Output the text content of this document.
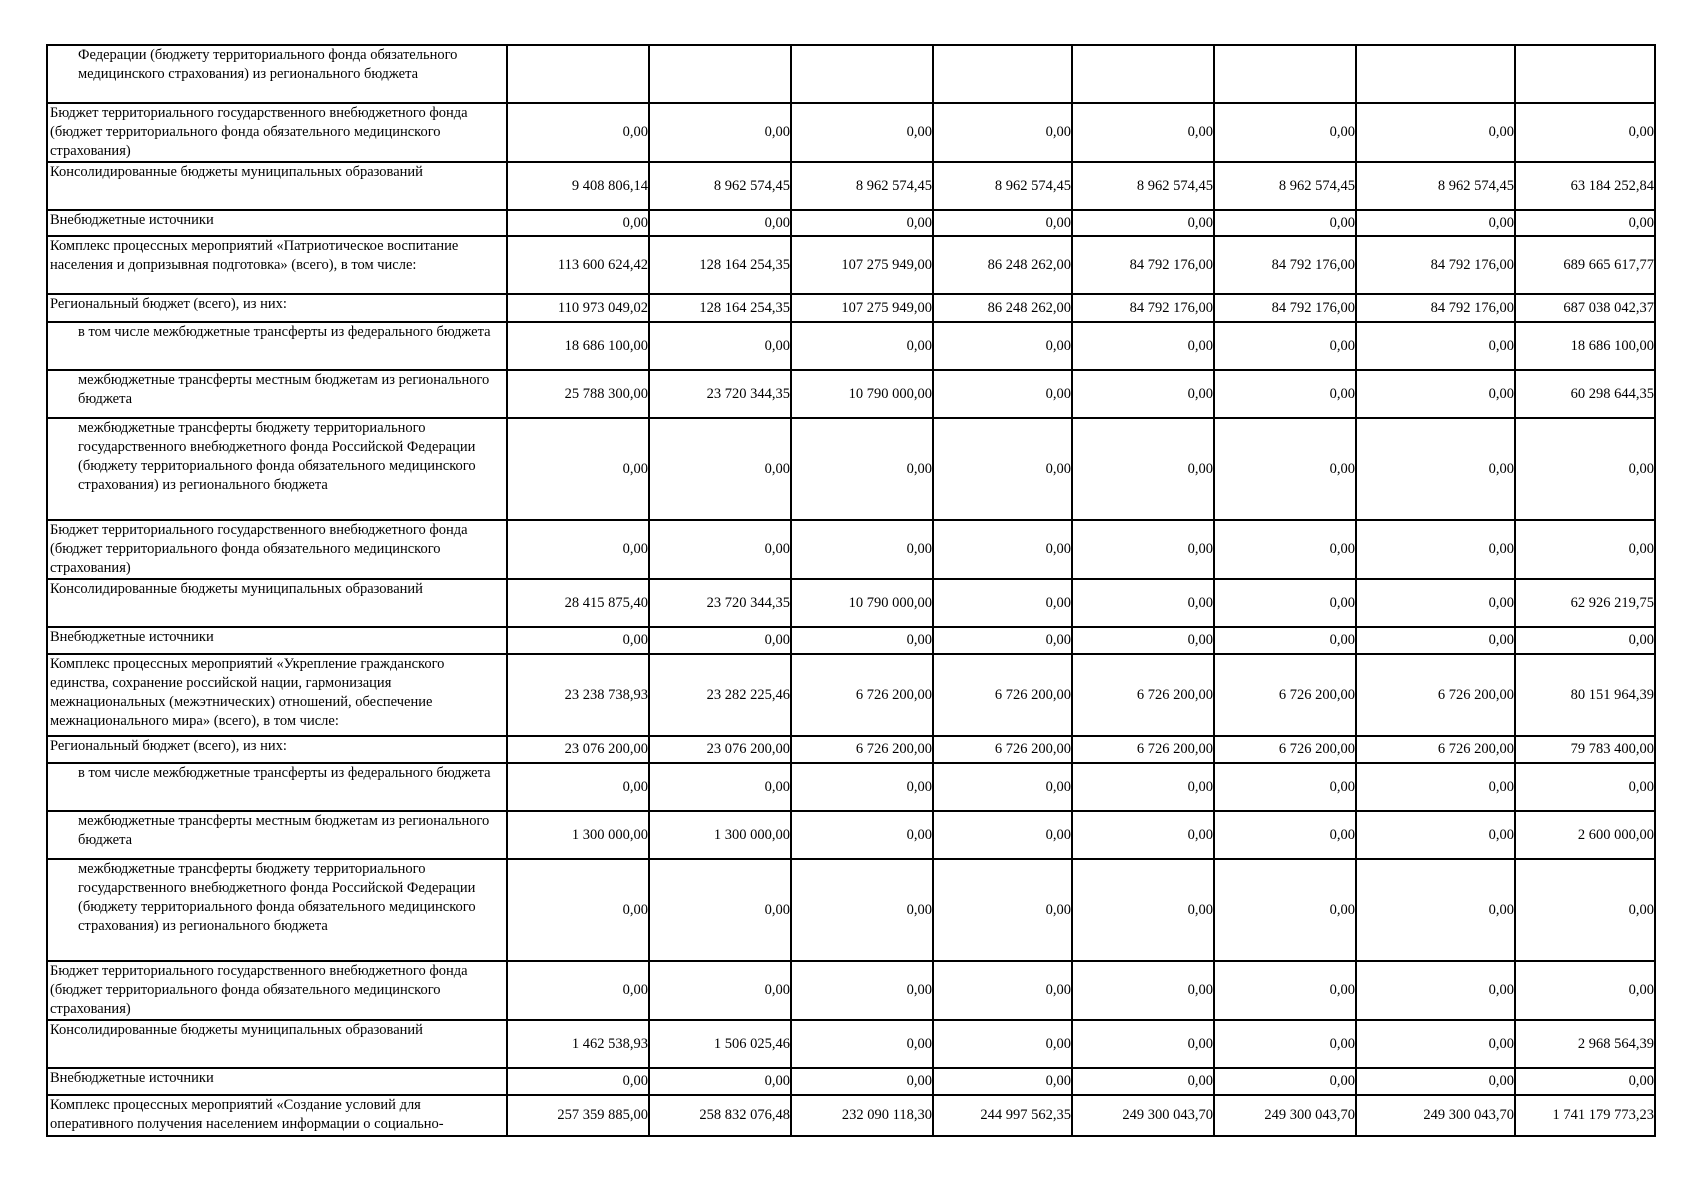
Федерации (бюджету территориального фонда обязательного медицинского страхования) из регионального бюджета								
Бюджет территориального государственного внебюджетного фонда (бюджет территориального фонда обязательного медицинского страхования)	0,00	0,00	0,00	0,00	0,00	0,00	0,00	0,00
Консолидированные бюджеты муниципальных образований	9 408 806,14	8 962 574,45	8 962 574,45	8 962 574,45	8 962 574,45	8 962 574,45	8 962 574,45	63 184 252,84
Внебюджетные источники	0,00	0,00	0,00	0,00	0,00	0,00	0,00	0,00
Комплекс процессных мероприятий «Патриотическое воспитание населения и допризывная подготовка» (всего), в том числе:	113 600 624,42	128 164 254,35	107 275 949,00	86 248 262,00	84 792 176,00	84 792 176,00	84 792 176,00	689 665 617,77
Региональный бюджет (всего), из них:	110 973 049,02	128 164 254,35	107 275 949,00	86 248 262,00	84 792 176,00	84 792 176,00	84 792 176,00	687 038 042,37
в том числе межбюджетные трансферты из федерального бюджета	18 686 100,00	0,00	0,00	0,00	0,00	0,00	0,00	18 686 100,00
межбюджетные трансферты местным бюджетам из регионального бюджета	25 788 300,00	23 720 344,35	10 790 000,00	0,00	0,00	0,00	0,00	60 298 644,35
межбюджетные трансферты бюджету территориального государственного внебюджетного фонда Российской Федерации (бюджету территориального фонда обязательного медицинского страхования) из регионального бюджета	0,00	0,00	0,00	0,00	0,00	0,00	0,00	0,00
Бюджет территориального государственного внебюджетного фонда (бюджет территориального фонда обязательного медицинского страхования)	0,00	0,00	0,00	0,00	0,00	0,00	0,00	0,00
Консолидированные бюджеты муниципальных образований	28 415 875,40	23 720 344,35	10 790 000,00	0,00	0,00	0,00	0,00	62 926 219,75
Внебюджетные источники	0,00	0,00	0,00	0,00	0,00	0,00	0,00	0,00
Комплекс процессных мероприятий «Укрепление гражданского единства, сохранение российской нации, гармонизация межнациональных (межэтнических) отношений, обеспечение межнационального мира» (всего), в том числе:	23 238 738,93	23 282 225,46	6 726 200,00	6 726 200,00	6 726 200,00	6 726 200,00	6 726 200,00	80 151 964,39
Региональный бюджет (всего), из них:	23 076 200,00	23 076 200,00	6 726 200,00	6 726 200,00	6 726 200,00	6 726 200,00	6 726 200,00	79 783 400,00
в том числе межбюджетные трансферты из федерального бюджета	0,00	0,00	0,00	0,00	0,00	0,00	0,00	0,00
межбюджетные трансферты местным бюджетам из регионального бюджета	1 300 000,00	1 300 000,00	0,00	0,00	0,00	0,00	0,00	2 600 000,00
межбюджетные трансферты бюджету территориального государственного внебюджетного фонда Российской Федерации (бюджету территориального фонда обязательного медицинского страхования) из регионального бюджета	0,00	0,00	0,00	0,00	0,00	0,00	0,00	0,00
Бюджет территориального государственного внебюджетного фонда (бюджет территориального фонда обязательного медицинского страхования)	0,00	0,00	0,00	0,00	0,00	0,00	0,00	0,00
Консолидированные бюджеты муниципальных образований	1 462 538,93	1 506 025,46	0,00	0,00	0,00	0,00	0,00	2 968 564,39
Внебюджетные источники	0,00	0,00	0,00	0,00	0,00	0,00	0,00	0,00
Комплекс процессных мероприятий «Создание условий для оперативного получения населением информации о социально-	257 359 885,00	258 832 076,48	232 090 118,30	244 997 562,35	249 300 043,70	249 300 043,70	249 300 043,70	1 741 179 773,23
